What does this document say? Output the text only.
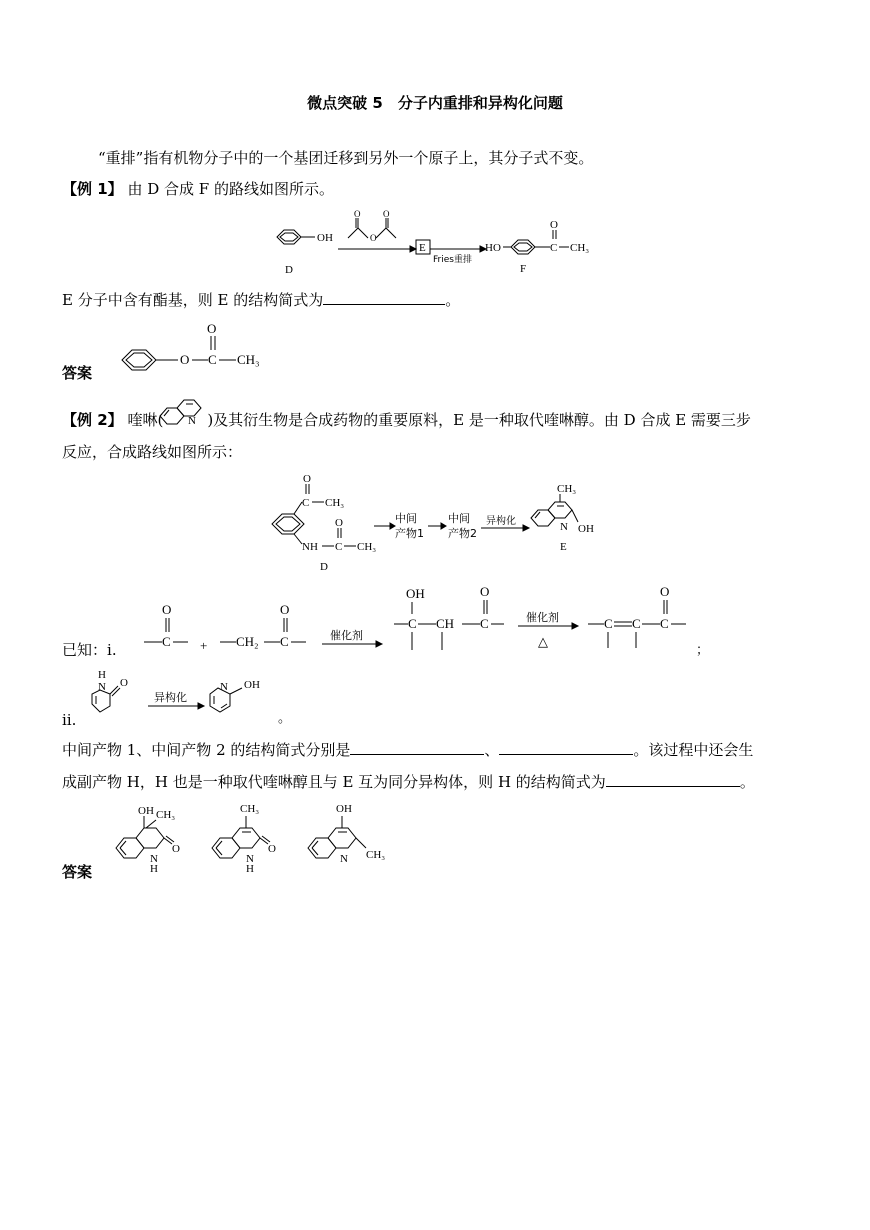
微点突破 5　分子内重排和异构化问题
“重排”指有机物分子中的一个基团迁移到另外一个原子上，其分子式不变。
【例 1】 由 D 合成 F 的路线如图所示。
OH
D
O
O
O
E
Fries重排
HO	C
O
CH₃
F
E 分子中含有酯基，则 E 的结构简式为	。
答案
O C
O
CH₃
【例 2】 喹啉(	)及其衍生物是合成药物的重要原料，E 是一种取代喹啉醇。由 D 合成 E 需要三步
N
反应，合成路线如图所示：
C
O
CH₃
NH C
O
CH₃
D
中间
产物1
中间
产物2
异构化
CH₃
N OH
E
已知：ⅰ.	C
O
+ CH₂ C
O
催化剂
C
OH
CH C
O
催化剂
△
C C C
O
；
ⅱ.
H
N O
异构化
N OH
。
中间产物 1、中间产物 2 的结构简式分别是	、	。该过程中还会生
成副产物 H，H 也是一种取代喹啉醇且与 E 互为同分异构体，则 H 的结构简式为	。
答案
OH CH₃
O
H
N
CH₃
O
N
H
OH
N CH₃
